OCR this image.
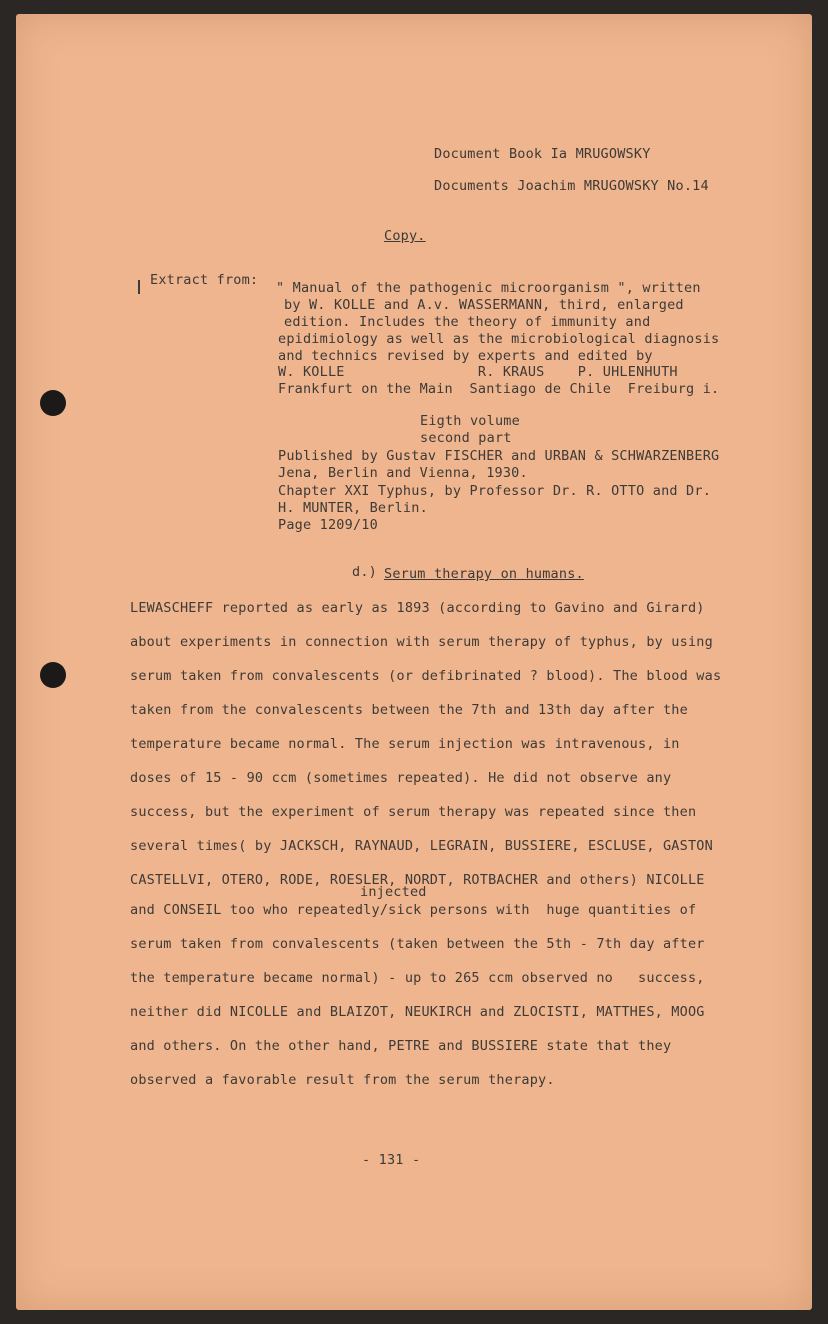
Document Book Ia MRUGOWSKY
Documents Joachim MRUGOWSKY No.14
Copy.
Extract from: " Manual of the pathogenic microorganism ", written
by W. KOLLE and A.v. WASSERMANN, third, enlarged
edition. Includes the theory of immunity and
epidimiology as well as the microbiological diagnosis
and technics revised by experts and edited by
W. KOLLE                R. KRAUS    P. UHLENHUTH
Frankfurt on the Main  Santiago de Chile  Freiburg i.
Eigth volume
second part
Published by Gustav FISCHER and URBAN & SCHWARZENBERG
Jena, Berlin and Vienna, 1930.
Chapter XXI Typhus, by Professor Dr. R. OTTO and Dr.
H. MUNTER, Berlin.
Page 1209/10
d.) Serum therapy on humans.
LEWASCHEFF reported as early as 1893 (according to Gavino and Girard)
about experiments in connection with serum therapy of typhus, by using
serum taken from convalescents (or defibrinated ? blood). The blood was
taken from the convalescents between the 7th and 13th day after the
temperature became normal. The serum injection was intravenous, in
doses of 15 - 90 ccm (sometimes repeated). He did not observe any
success, but the experiment of serum therapy was repeated since then
several times( by JACKSCH, RAYNAUD, LEGRAIN, BUSSIERE, ESCLUSE, GASTON
CASTELLVI, OTERO, RODE, ROESLER, NORDT, ROTBACHER and others) NICOLLE
injected
and CONSEIL too who repeatedly/sick persons with  huge quantities of
serum taken from convalescents (taken between the 5th - 7th day after
the temperature became normal) - up to 265 ccm observed no   success,
neither did NICOLLE and BLAIZOT, NEUKIRCH and ZLOCISTI, MATTHES, MOOG
and others. On the other hand, PETRE and BUSSIERE state that they
observed a favorable result from the serum therapy.
- 131 -
